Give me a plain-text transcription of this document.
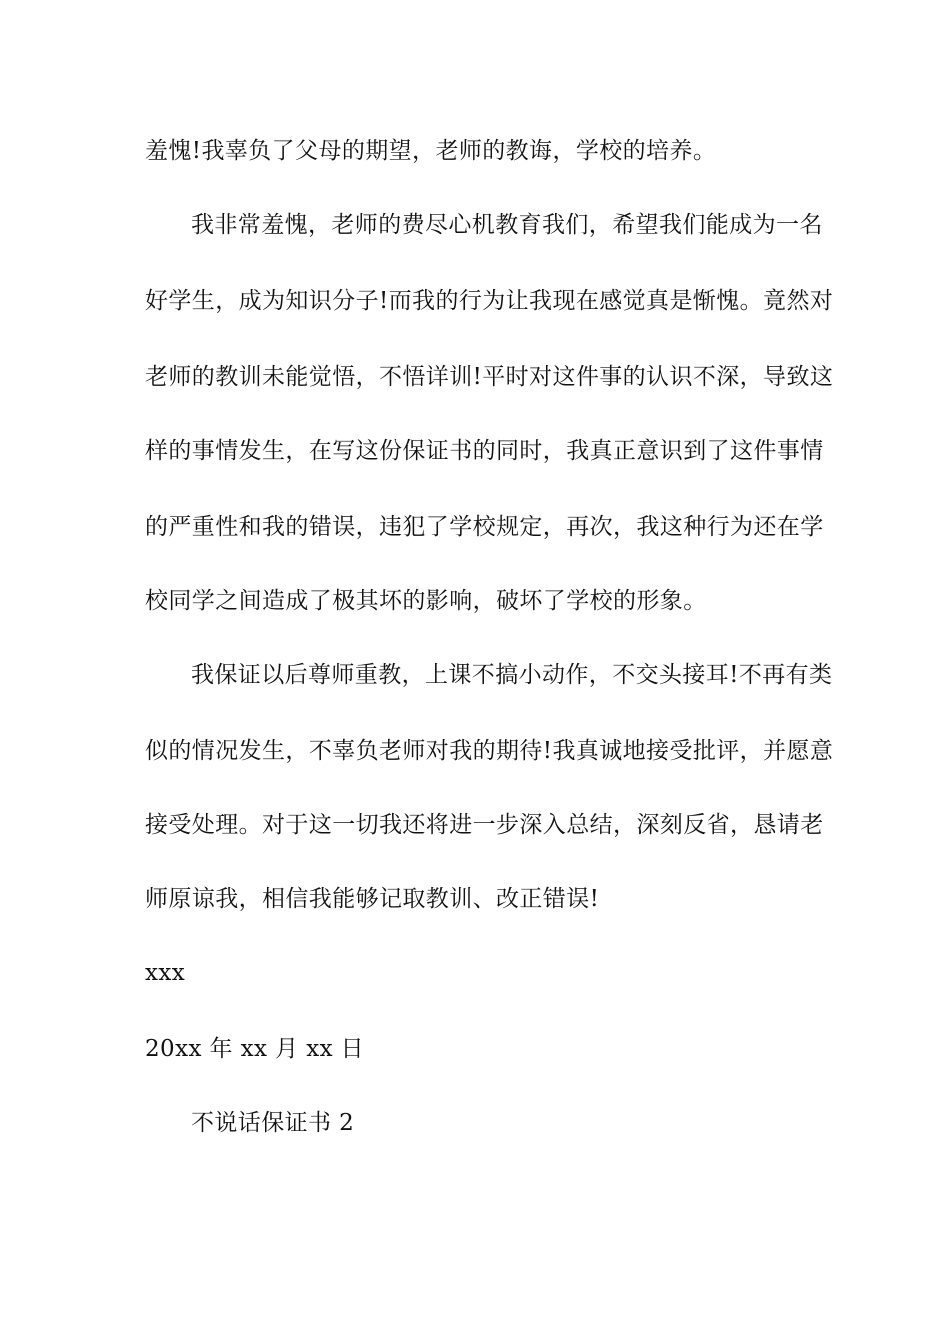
羞愧!我辜负了父母的期望，老师的教诲，学校的培养。
我非常羞愧，老师的费尽心机教育我们，希望我们能成为一名
好学生，成为知识分子!而我的行为让我现在感觉真是惭愧。竟然对
老师的教训未能觉悟，不悟详训!平时对这件事的认识不深，导致这
样的事情发生，在写这份保证书的同时，我真正意识到了这件事情
的严重性和我的错误，违犯了学校规定，再次，我这种行为还在学
校同学之间造成了极其坏的影响，破坏了学校的形象。
我保证以后尊师重教，上课不搞小动作，不交头接耳!不再有类
似的情况发生，不辜负老师对我的期待!我真诚地接受批评，并愿意
接受处理。对于这一切我还将进一步深入总结，深刻反省，恳请老
师原谅我，相信我能够记取教训、改正错误!
xxx
20xx 年 xx 月 xx 日
不说话保证书 2
